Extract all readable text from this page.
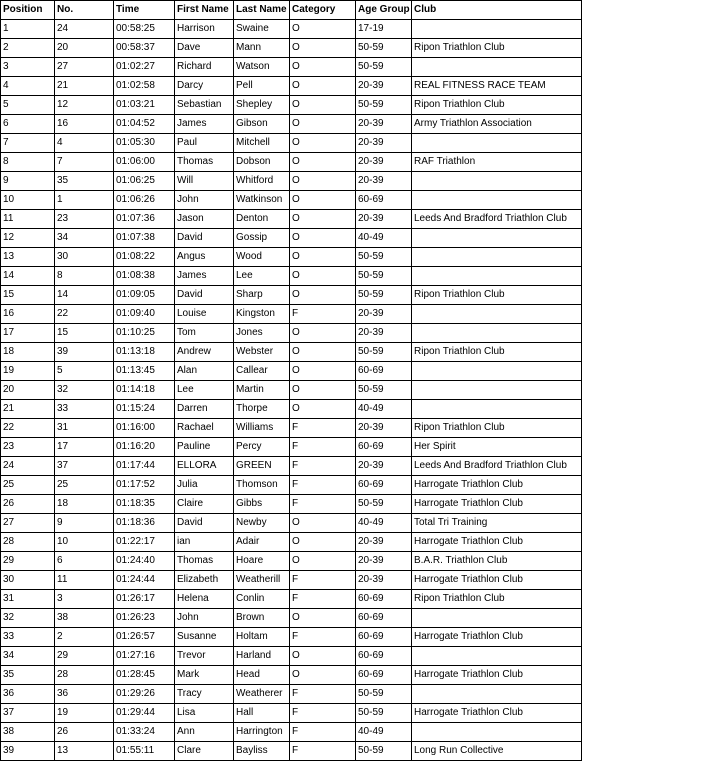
Position	No.	Time	First Name	Last Name	Category	Age Group	Club
1	24	00:58:25	Harrison	Swaine	O	17-19	
2	20	00:58:37	Dave	Mann	O	50-59	Ripon Triathlon Club
3	27	01:02:27	Richard	Watson	O	50-59	
4	21	01:02:58	Darcy	Pell	O	20-39	REAL FITNESS RACE TEAM
5	12	01:03:21	Sebastian	Shepley	O	50-59	Ripon Triathlon Club
6	16	01:04:52	James	Gibson	O	20-39	Army Triathlon Association
7	4	01:05:30	Paul	Mitchell	O	20-39	
8	7	01:06:00	Thomas	Dobson	O	20-39	RAF Triathlon
9	35	01:06:25	Will	Whitford	O	20-39	
10	1	01:06:26	John	Watkinson	O	60-69	
11	23	01:07:36	Jason	Denton	O	20-39	Leeds And Bradford Triathlon Club
12	34	01:07:38	David	Gossip	O	40-49	
13	30	01:08:22	Angus	Wood	O	50-59	
14	8	01:08:38	James	Lee	O	50-59	
15	14	01:09:05	David	Sharp	O	50-59	Ripon Triathlon Club
16	22	01:09:40	Louise	Kingston	F	20-39	
17	15	01:10:25	Tom	Jones	O	20-39	
18	39	01:13:18	Andrew	Webster	O	50-59	Ripon Triathlon Club
19	5	01:13:45	Alan	Callear	O	60-69	
20	32	01:14:18	Lee	Martin	O	50-59	
21	33	01:15:24	Darren	Thorpe	O	40-49	
22	31	01:16:00	Rachael	Williams	F	20-39	Ripon Triathlon Club
23	17	01:16:20	Pauline	Percy	F	60-69	Her Spirit
24	37	01:17:44	ELLORA	GREEN	F	20-39	Leeds And Bradford Triathlon Club
25	25	01:17:52	Julia	Thomson	F	60-69	Harrogate Triathlon Club
26	18	01:18:35	Claire	Gibbs	F	50-59	Harrogate Triathlon Club
27	9	01:18:36	David	Newby	O	40-49	Total Tri Training
28	10	01:22:17	ian	Adair	O	20-39	Harrogate Triathlon Club
29	6	01:24:40	Thomas	Hoare	O	20-39	B.A.R. Triathlon Club
30	11	01:24:44	Elizabeth	Weatherill	F	20-39	Harrogate Triathlon Club
31	3	01:26:17	Helena	Conlin	F	60-69	Ripon Triathlon Club
32	38	01:26:23	John	Brown	O	60-69	
33	2	01:26:57	Susanne	Holtam	F	60-69	Harrogate Triathlon Club
34	29	01:27:16	Trevor	Harland	O	60-69	
35	28	01:28:45	Mark	Head	O	60-69	Harrogate Triathlon Club
36	36	01:29:26	Tracy	Weatherer	F	50-59	
37	19	01:29:44	Lisa	Hall	F	50-59	Harrogate Triathlon Club
38	26	01:33:24	Ann	Harrington	F	40-49	
39	13	01:55:11	Clare	Bayliss	F	50-59	Long Run Collective
